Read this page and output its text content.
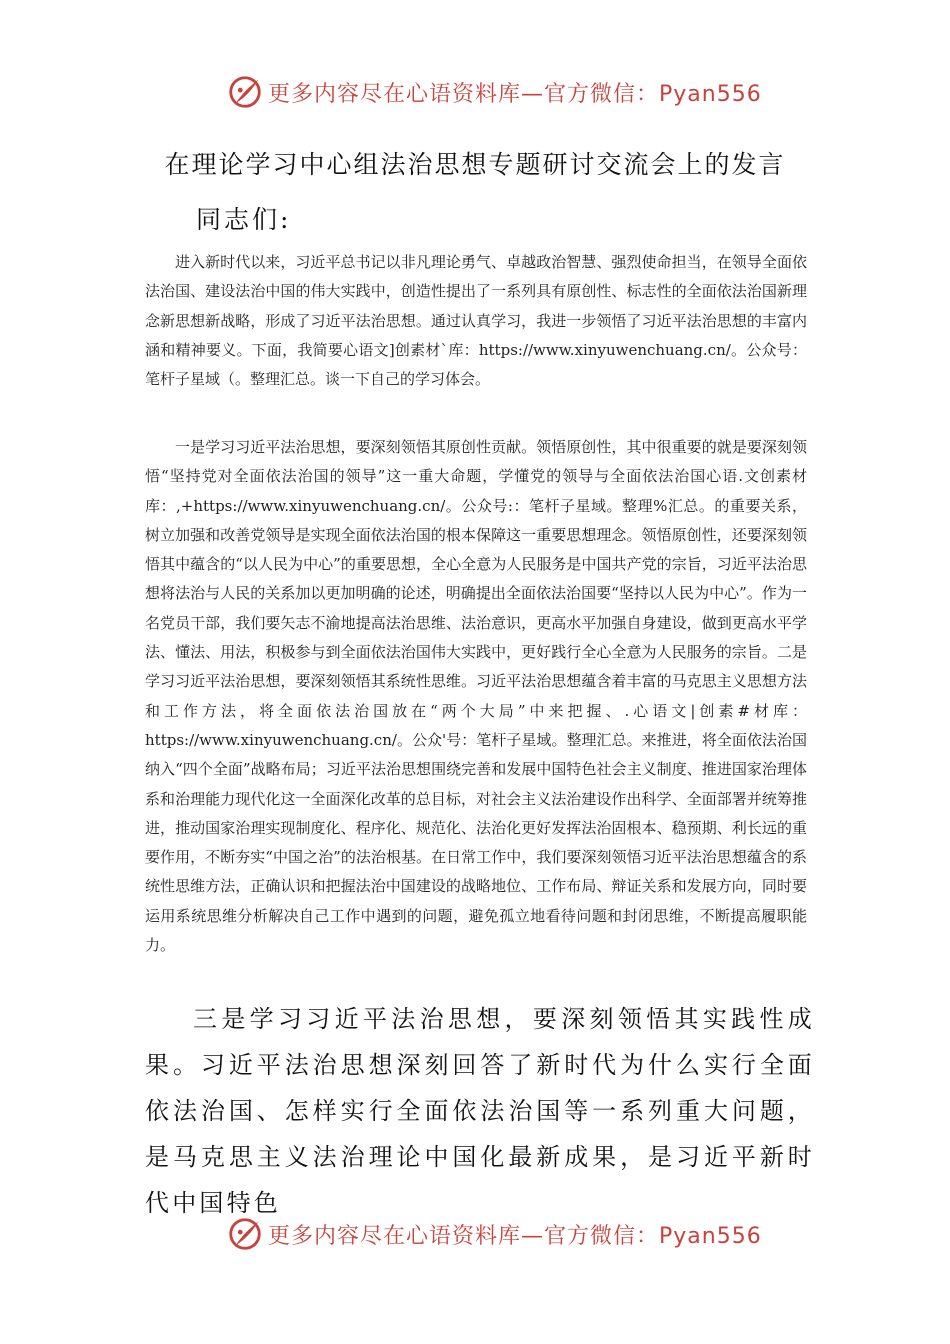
更多内容尽在心语资料库—官方微信：Pyan556
在理论学习中心组法治思想专题研讨交流会上的发言
同志们:

进入新时代以来，习近平总书记以非凡理论勇气、卓越政治智慧、强烈使命担当，在领导全面依法治国、建设法治中国的伟大实践中，创造性提出了一系列具有原创性、标志性的全面依法治国新理念新思想新战略，形成了习近平法治思想。通过认真学习，我进一步领悟了习近平法治思想的丰富内涵和精神要义。下面，我简要心语文]创素材`库：https://www.xinyuwenchuang.cn/。公众号：笔杆子星域（。整理汇总。谈一下自己的学习体会。

一是学习习近平法治思想，要深刻领悟其原创性贡献。领悟原创性，其中很重要的就是要深刻领悟“坚持党对全面依法治国的领导”这一重大命题，学懂党的领导与全面依法治国心语.文创素材库：,+https://www.xinyuwenchuang.cn/。公众号:：笔杆子星域。整理%汇总。的重要关系，树立加强和改善党领导是实现全面依法治国的根本保障这一重要思想理念。领悟原创性，还要深刻领悟其中蕴含的“以人民为中心”的重要思想，全心全意为人民服务是中国共产党的宗旨，习近平法治思想将法治与人民的关系加以更加明确的论述，明确提出全面依法治国要“坚持以人民为中心”。作为一名党员干部，我们要矢志不渝地提高法治思维、法治意识，更高水平加强自身建设，做到更高水平学法、懂法、用法，积极参与到全面依法治国伟大实践中，更好践行全心全意为人民服务的宗旨。二是学习习近平法治思想，要深刻领悟其系统性思维。习近平法治思想蕴含着丰富的马克思主义思想方法和工作方法，将全面依法治国放在“两个大局”中来把握、.心语文|创素#材库：https://www.xinyuwenchuang.cn/。公众'号：笔杆子星域。整理汇总。来推进，将全面依法治国纳入“四个全面”战略布局；习近平法治思想围绕完善和发展中国特色社会主义制度、推进国家治理体系和治理能力现代化这一全面深化改革的总目标，对社会主义法治建设作出科学、全面部署并统筹推进，推动国家治理实现制度化、程序化、规范化、法治化更好发挥法治固根本、稳预期、利长远的重要作用，不断夯实“中国之治”的法治根基。在日常工作中，我们要深刻领悟习近平法治思想蕴含的系统性思维方法，正确认识和把握法治中国建设的战略地位、工作布局、辩证关系和发展方向，同时要运用系统思维分析解决自己工作中遇到的问题，避免孤立地看待问题和封闭思维，不断提高履职能力。

三是学习习近平法治思想，要深刻领悟其实践性成果。习近平法治思想深刻回答了新时代为什么实行全面依法治国、怎样实行全面依法治国等一系列重大问题，是马克思主义法治理论中国化最新成果，是习近平新时代中国特色

更多内容尽在心语资料库—官方微信：Pyan556
